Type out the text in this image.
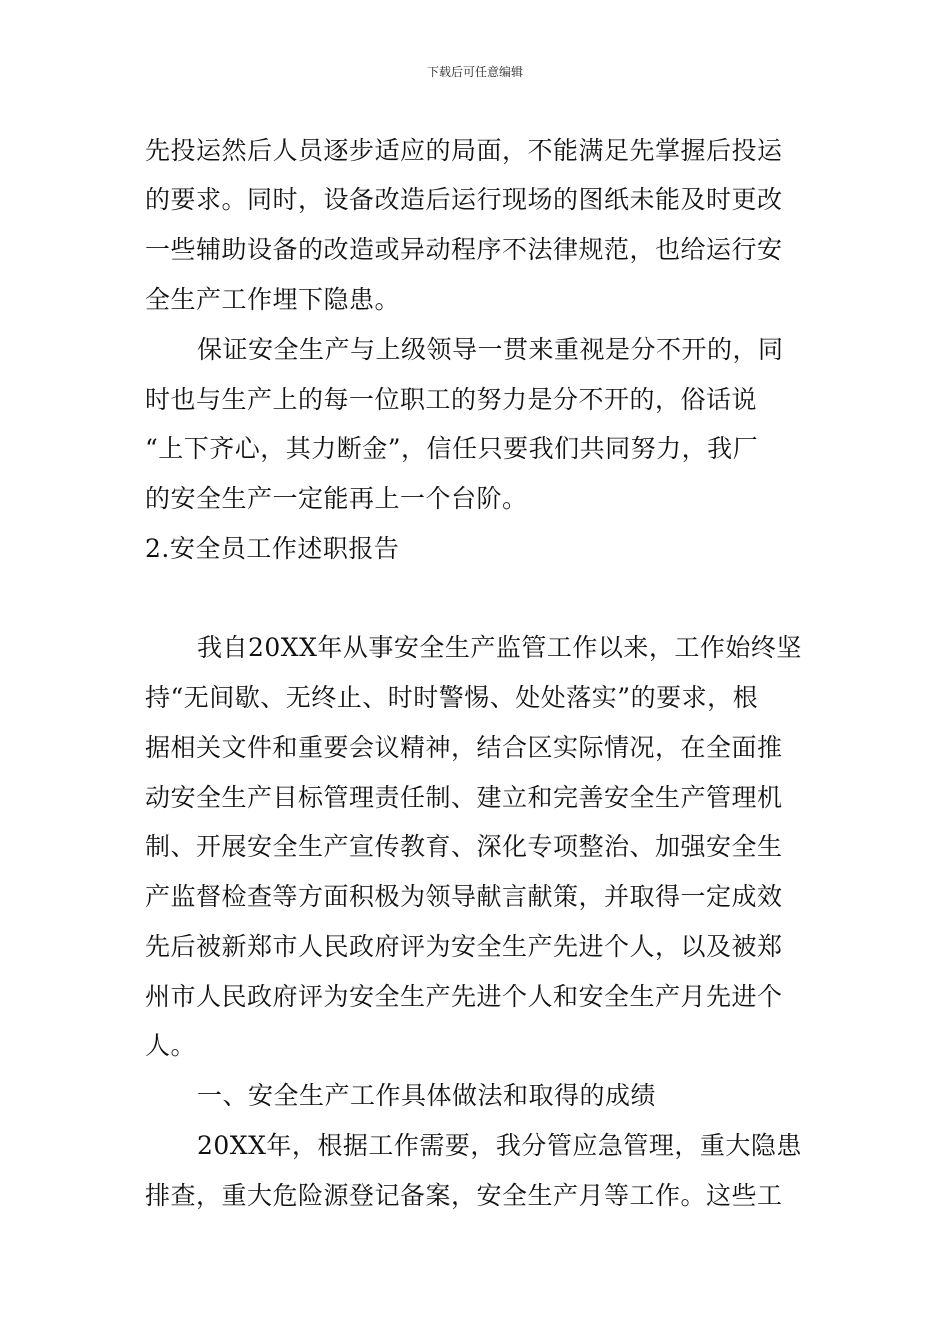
下载后可任意编辑
先投运然后人员逐步适应的局面，不能满足先掌握后投运
的要求。同时，设备改造后运行现场的图纸未能及时更改
一些辅助设备的改造或异动程序不法律规范，也给运行安
全生产工作埋下隐患。
保证安全生产与上级领导一贯来重视是分不开的，同
时也与生产上的每一位职工的努力是分不开的，俗话说
“上下齐心，其力断金”，信任只要我们共同努力，我厂
的安全生产一定能再上一个台阶。
2.安全员工作述职报告
我自20XX年从事安全生产监管工作以来，工作始终坚
持“无间歇、无终止、时时警惕、处处落实”的要求，根
据相关文件和重要会议精神，结合区实际情况，在全面推
动安全生产目标管理责任制、建立和完善安全生产管理机
制、开展安全生产宣传教育、深化专项整治、加强安全生
产监督检查等方面积极为领导献言献策，并取得一定成效
先后被新郑市人民政府评为安全生产先进个人，以及被郑
州市人民政府评为安全生产先进个人和安全生产月先进个
人。
一、安全生产工作具体做法和取得的成绩
20XX年，根据工作需要，我分管应急管理，重大隐患
排查，重大危险源登记备案，安全生产月等工作。这些工
